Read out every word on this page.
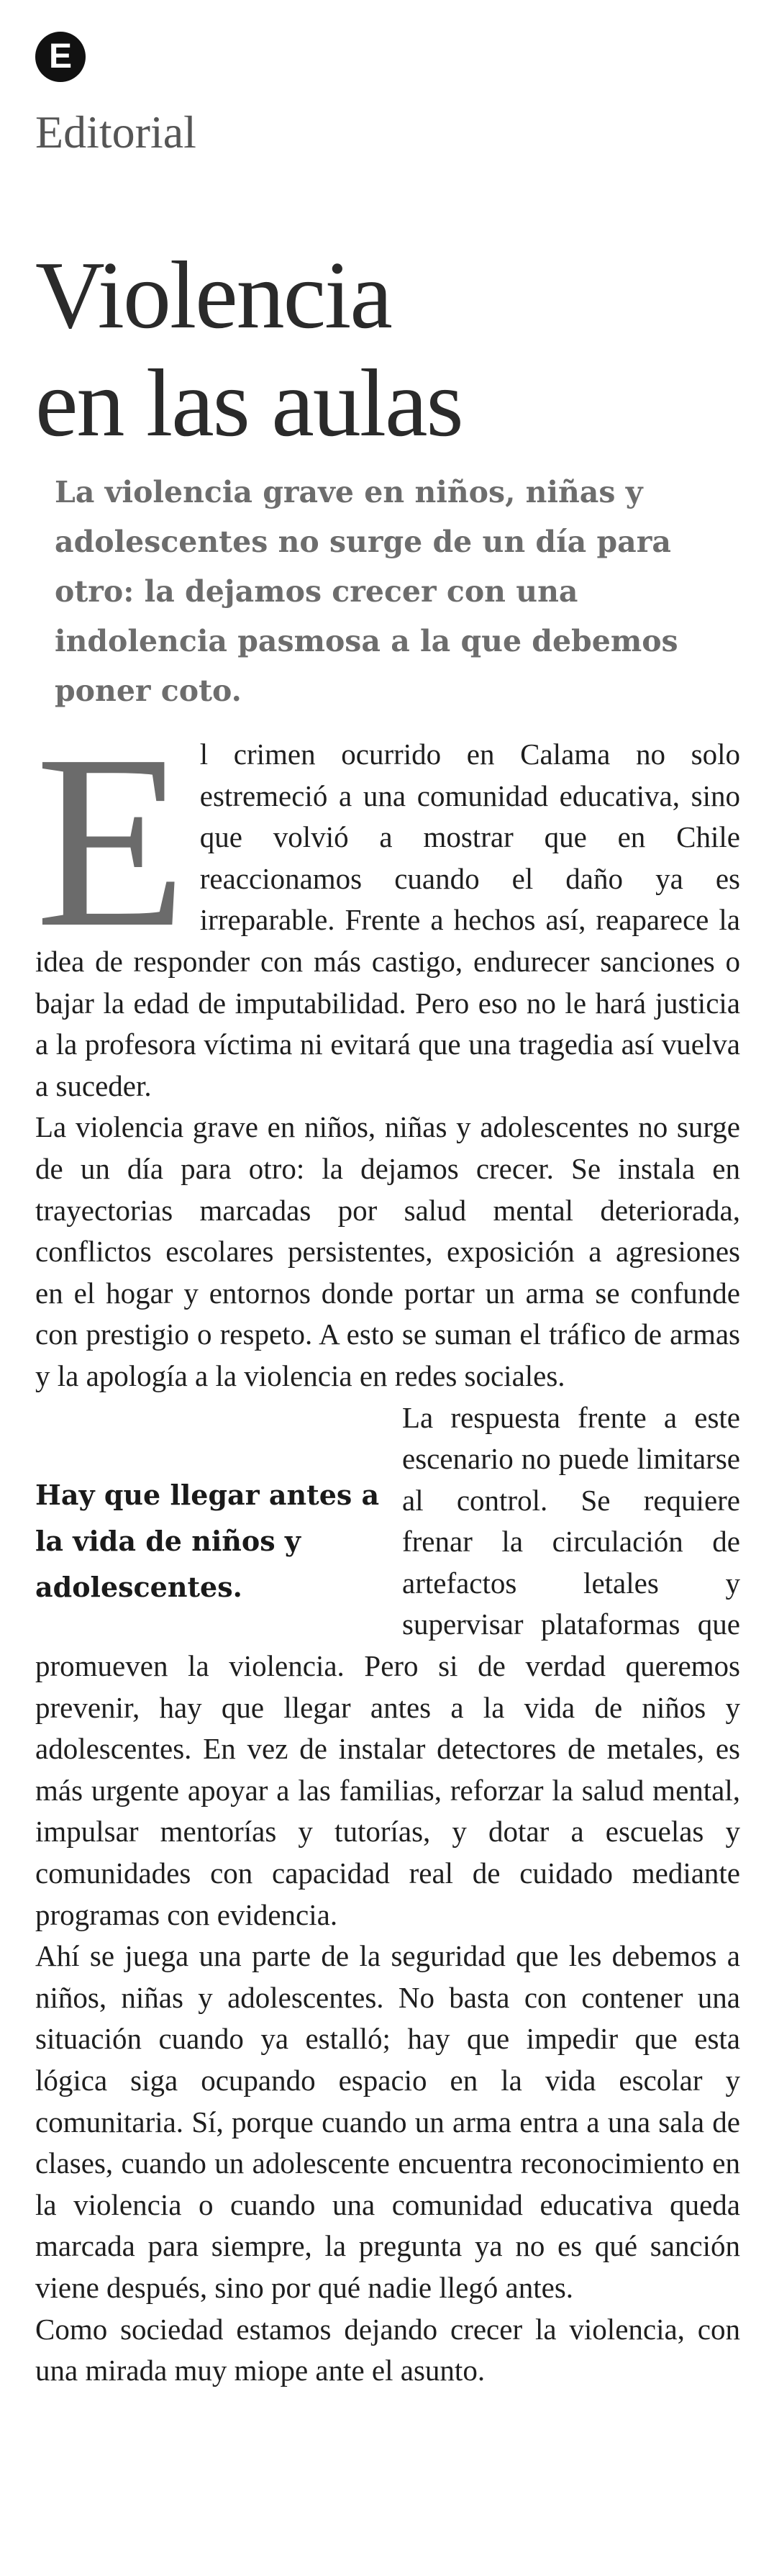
E
Editorial
Violencia
en las aulas

La violencia grave en niños, niñas y adolescentes no surge de un día para otro: la dejamos crecer con una indolencia pasmosa a la que debemos poner coto.

El crimen ocurrido en Calama no solo estremeció a una comunidad educativa, sino que volvió a mostrar que en Chile reaccionamos cuando el daño ya es irreparable. Frente a hechos así, reaparece la idea de responder con más castigo, endurecer sanciones o bajar la edad de imputabilidad. Pero eso no le hará justicia a la profesora víctima ni evitará que una tragedia así vuelva a suceder.

La violencia grave en niños, niñas y adolescentes no surge de un día para otro: la dejamos crecer. Se instala en trayectorias marcadas por salud mental deteriorada, conflictos escolares persistentes, exposición a agresiones en el hogar y entornos donde portar un arma se confunde con prestigio o respeto. A esto se suman el tráfico de armas y la apología a la violencia en redes sociales.

Hay que llegar antes a la vida de niños y adolescentes.
La respuesta frente a este escenario no puede limitarse al control. Se requiere frenar la circulación de artefactos letales y supervisar plataformas que promueven la violencia. Pero si de verdad queremos prevenir, hay que llegar antes a la vida de niños y adolescentes. En vez de instalar detectores de metales, es más urgente apoyar a las familias, reforzar la salud mental, impulsar mentorías y tutorías, y dotar a escuelas y comunidades con capacidad real de cuidado mediante programas con evidencia.

Ahí se juega una parte de la seguridad que les debemos a niños, niñas y adolescentes. No basta con contener una situación cuando ya estalló; hay que impedir que esta lógica siga ocupando espacio en la vida escolar y comunitaria. Sí, porque cuando un arma entra a una sala de clases, cuando un adolescente encuentra reconocimiento en la violencia o cuando una comunidad educativa queda marcada para siempre, la pregunta ya no es qué sanción viene después, sino por qué nadie llegó antes.

Como sociedad estamos dejando crecer la violencia, con una mirada muy miope ante el asunto.
